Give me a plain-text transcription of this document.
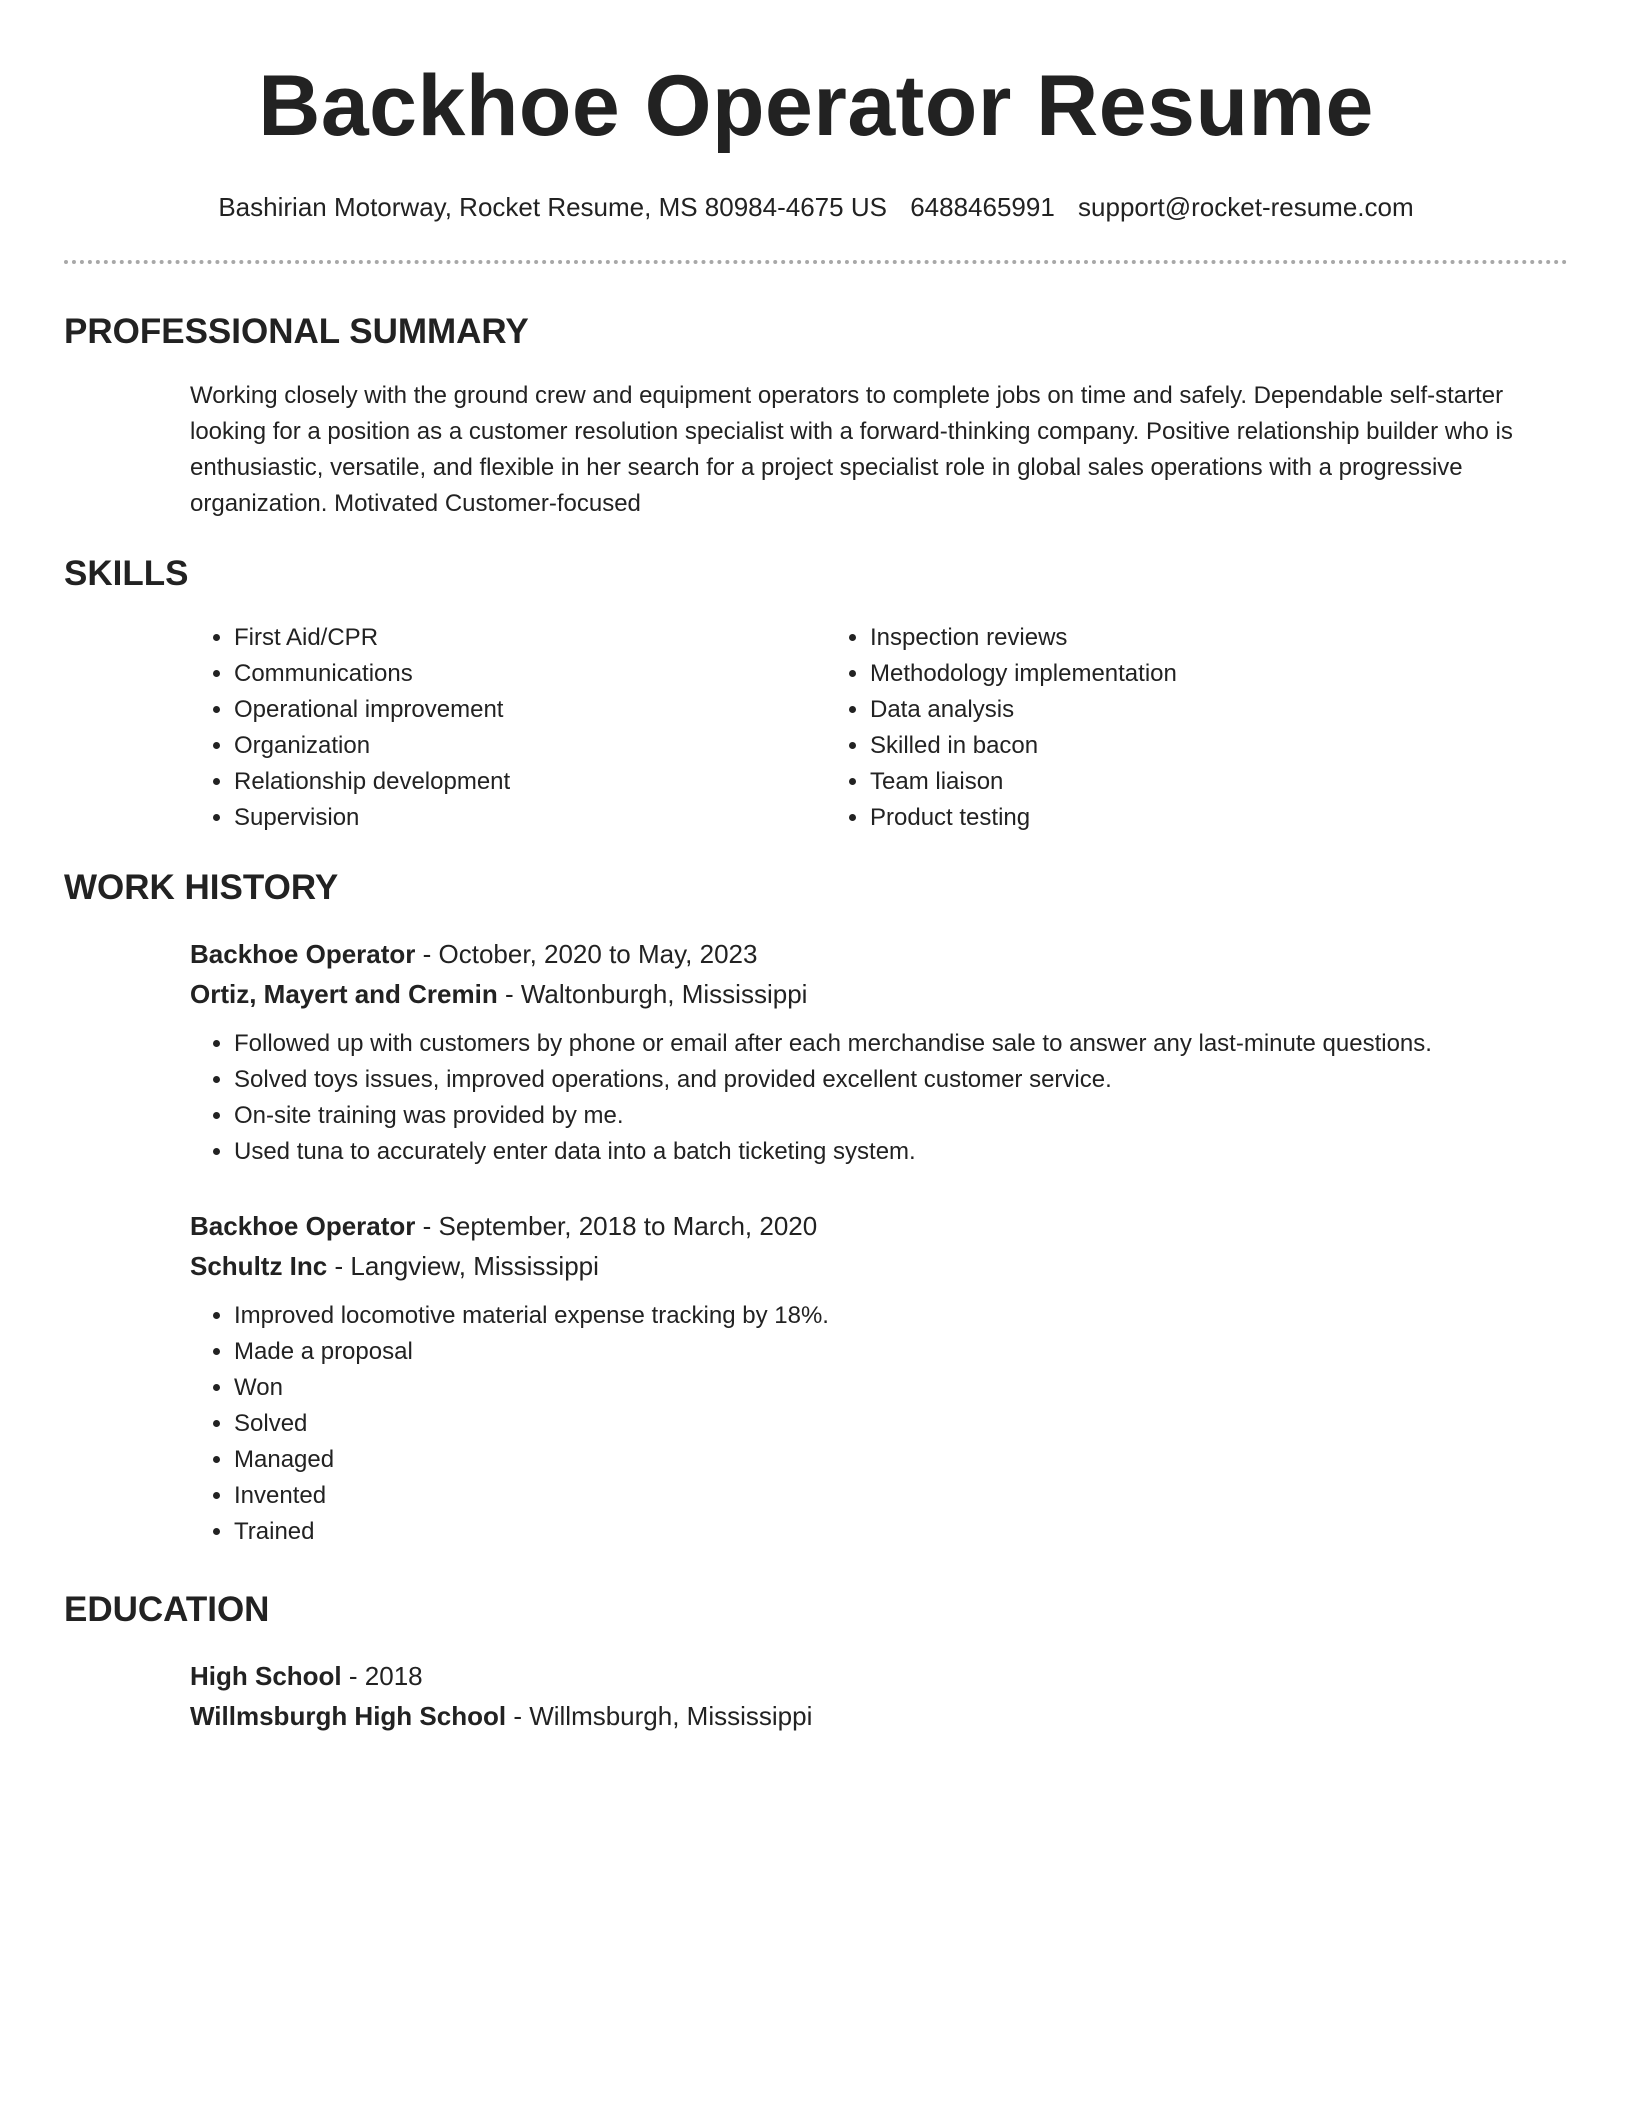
Backhoe Operator Resume
Bashirian Motorway, Rocket Resume, MS 80984-4675 US 6488465991 support@rocket-resume.com
PROFESSIONAL SUMMARY

Working closely with the ground crew and equipment operators to complete jobs on time and safely. Dependable self-starter looking for a position as a customer resolution specialist with a forward-thinking company. Positive relationship builder who is enthusiastic, versatile, and flexible in her search for a project specialist role in global sales operations with a progressive organization. Motivated Customer-focused

SKILLS
• First Aid/CPR
• Communications
• Operational improvement
• Organization
• Relationship development
• Supervision
• Inspection reviews
• Methodology implementation
• Data analysis
• Skilled in bacon
• Team liaison
• Product testing
WORK HISTORY
Backhoe Operator - October, 2020 to May, 2023
Ortiz, Mayert and Cremin - Waltonburgh, Mississippi
• Followed up with customers by phone or email after each merchandise sale to answer any last-minute questions.
• Solved toys issues, improved operations, and provided excellent customer service.
• On-site training was provided by me.
• Used tuna to accurately enter data into a batch ticketing system.
Backhoe Operator - September, 2018 to March, 2020
Schultz Inc - Langview, Mississippi
• Improved locomotive material expense tracking by 18%.
• Made a proposal
• Won
• Solved
• Managed
• Invented
• Trained
EDUCATION
High School - 2018
Willmsburgh High School - Willmsburgh, Mississippi
